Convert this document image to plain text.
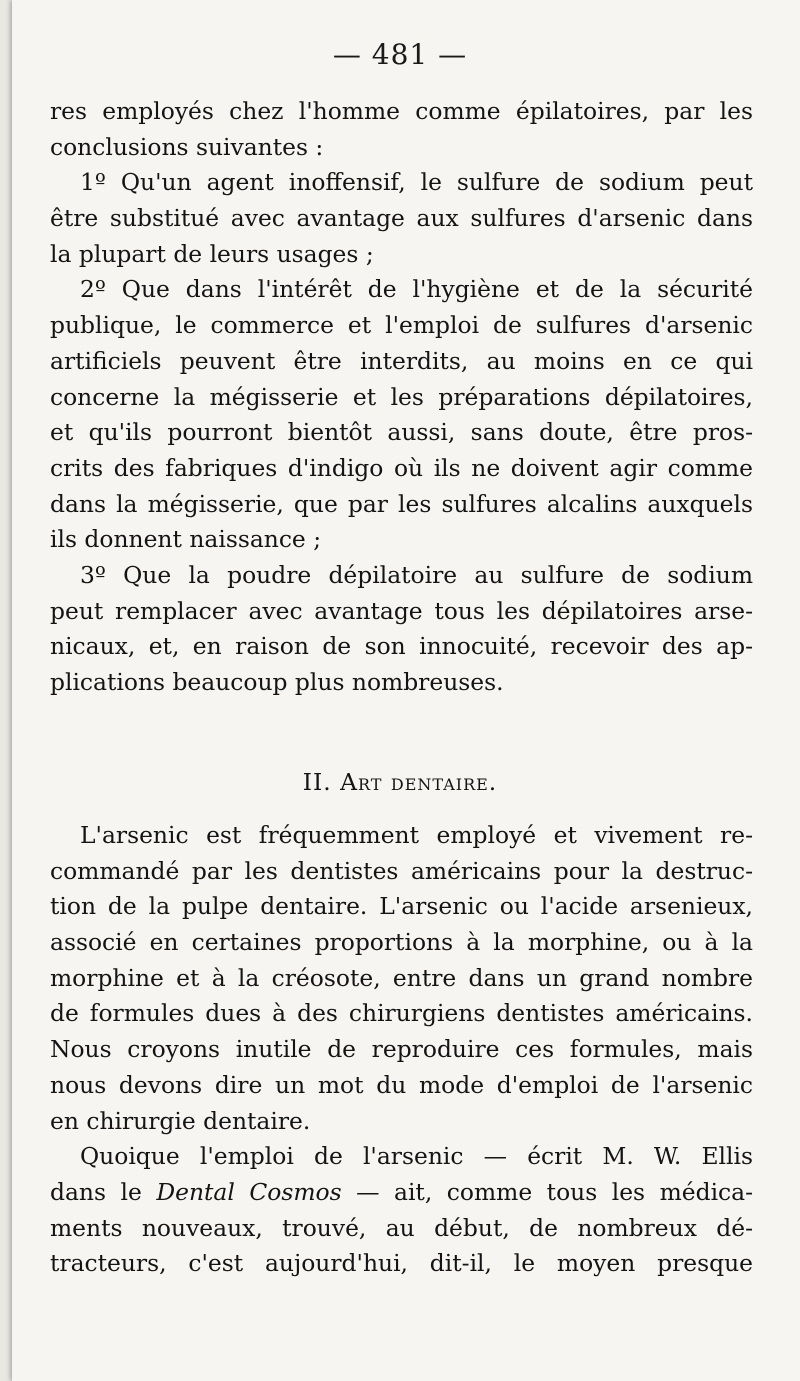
— 481 —
res employés chez l'homme comme épilatoires, par les
conclusions suivantes :
1º Qu'un agent inoffensif, le sulfure de sodium peut
être substitué avec avantage aux sulfures d'arsenic dans
la plupart de leurs usages ;
2º Que dans l'intérêt de l'hygiène et de la sécurité
publique, le commerce et l'emploi de sulfures d'arsenic
artificiels peuvent être interdits, au moins en ce qui
concerne la mégisserie et les préparations dépilatoires,
et qu'ils pourront bientôt aussi, sans doute, être pros-
crits des fabriques d'indigo où ils ne doivent agir comme
dans la mégisserie, que par les sulfures alcalins auxquels
ils donnent naissance ;
3º Que la poudre dépilatoire au sulfure de sodium
peut remplacer avec avantage tous les dépilatoires arse-
nicaux, et, en raison de son innocuité, recevoir des ap-
plications beaucoup plus nombreuses.
II. Art dentaire.
L'arsenic est fréquemment employé et vivement re-
commandé par les dentistes américains pour la destruc-
tion de la pulpe dentaire. L'arsenic ou l'acide arsenieux,
associé en certaines proportions à la morphine, ou à la
morphine et à la créosote, entre dans un grand nombre
de formules dues à des chirurgiens dentistes américains.
Nous croyons inutile de reproduire ces formules, mais
nous devons dire un mot du mode d'emploi de l'arsenic
en chirurgie dentaire.
Quoique l'emploi de l'arsenic — écrit M. W. Ellis
dans le Dental Cosmos — ait, comme tous les médica-
ments nouveaux, trouvé, au début, de nombreux dé-
tracteurs, c'est aujourd'hui, dit-il, le moyen presque
